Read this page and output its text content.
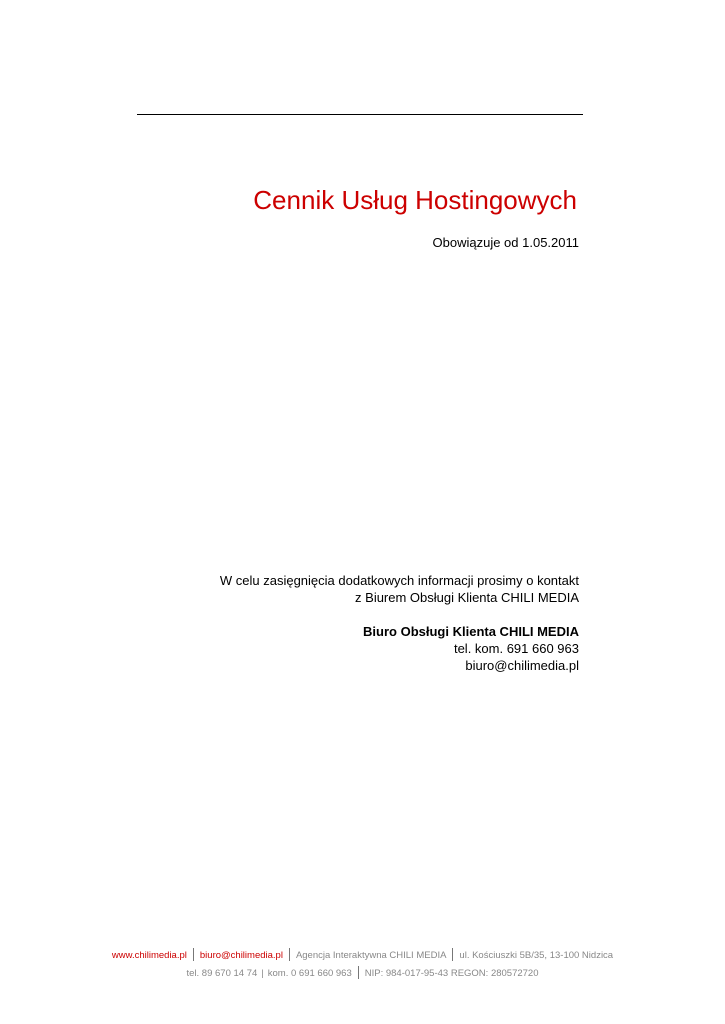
Cennik Usług Hostingowych
Obowiązuje od 1.05.2011
W celu zasięgnięcia dodatkowych informacji prosimy o kontakt
z Biurem Obsługi Klienta CHILI MEDIA
Biuro Obsługi Klienta CHILI MEDIA
tel. kom. 691 660 963
biuro@chilimedia.pl
www.chilimedia.pl biuro@chilimedia.pl Agencja Interaktywna CHILI MEDIA ul. Kościuszki 5B/35, 13-100 Nidzica
tel. 89 670 14 74 | kom. 0 691 660 963 NIP: 984-017-95-43 REGON: 280572720
